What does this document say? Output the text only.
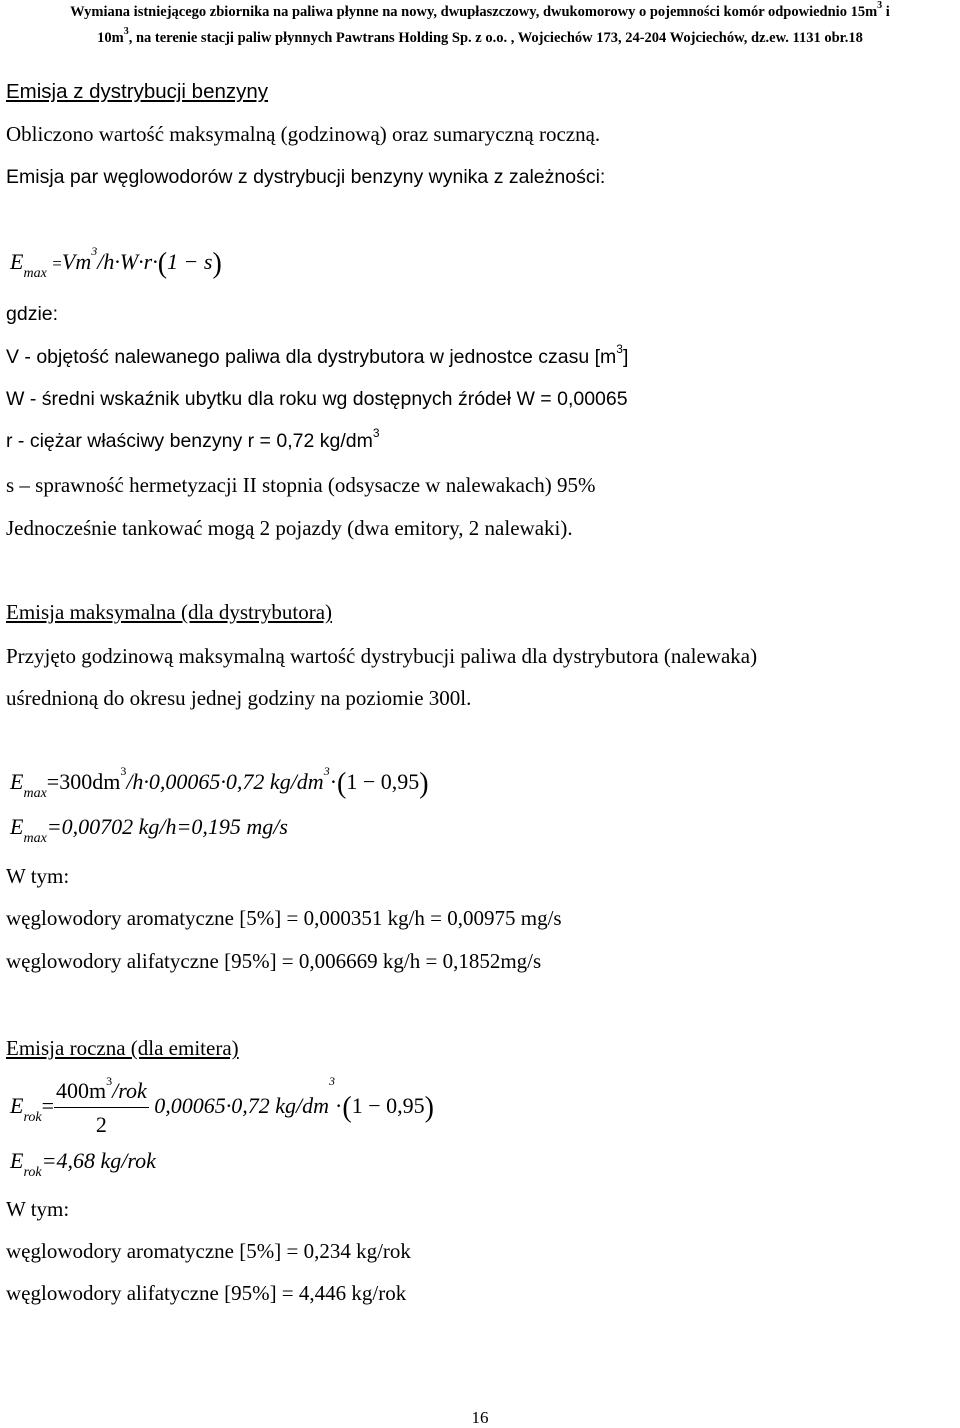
Wymiana istniejącego zbiornika na paliwa płynne na nowy, dwupłaszczowy, dwukomorowy o pojemności komór odpowiednio $15m^3$ i
$10m^3$, na terenie stacji paliw płynnych Pawtrans Holding Sp. z o.o. , Wojciechów 173, 24-204 Wojciechów, dz.ew. 1131 obr.18
Emisja z dystrybucji benzyny
Obliczono wartość maksymalną (godzinową) oraz sumaryczną roczną.
Emisja par węglowodorów z dystrybucji benzyny wynika z zależności:
$E_{max} =Vm^3/h\cdot W\cdot r\cdot(1 - s)$
gdzie:
V - objętość nalewanego paliwa dla dystrybutora w jednostce czasu $[m^3]$
W - średni wskaźnik ubytku dla roku wg dostępnych źródeł W = 0,00065
r - ciężar właściwy benzyny r = 0,72 $kg/dm^3$
s – sprawność hermetyzacji II stopnia (odsysacze w nalewakach) 95%
Jednocześnie tankować mogą 2 pojazdy (dwa emitory, 2 nalewaki).
Emisja maksymalna (dla dystrybutora)
Przyjęto godzinową maksymalną wartość dystrybucji paliwa dla dystrybutora (nalewaka)
uśrednioną do okresu jednej godziny na poziomie 300l.
$E_{max}=300dm^3/h\cdot 0,00065\cdot 0,72$ $kg/dm^3\cdot(1 - 0,95)$
$E_{max}=0,00702$ kg/h=0,195 mg/s
W tym:
węglowodory aromatyczne [5%] = 0,000351 kg/h = 0,00975 mg/s
węglowodory alifatyczne [95%] = 0,006669 kg/h = 0,1852mg/s
Emisja roczna (dla emitera)
$E_{rok}= \frac{400m^3/rok}{2} 0,00065\cdot 0,72$ $kg/dm^3\cdot(1 - 0,95)$
$E_{rok}=4,68$ kg/rok
W tym:
węglowodory aromatyczne [5%] = 0,234 kg/rok
węglowodory alifatyczne [95%] = 4,446 kg/rok
16
